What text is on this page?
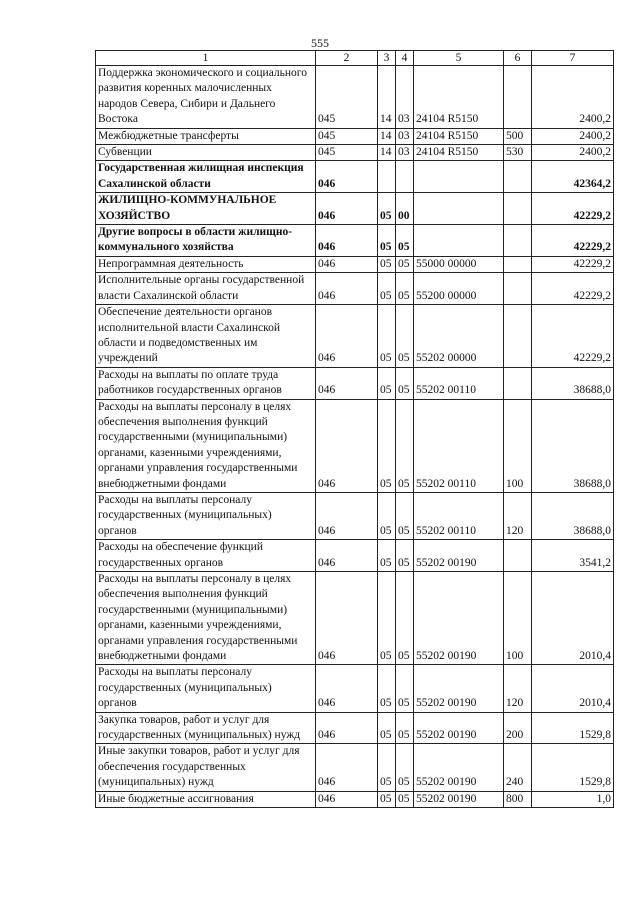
555
1	2	3	4	5	6	7
Поддержка экономического и социального развития коренных малочисленных народов Севера, Сибири и Дальнего Востока	045	14	03	24104 R5150		2400,2
Межбюджетные трансферты	045	14	03	24104 R5150	500	2400,2
Субвенции	045	14	03	24104 R5150	530	2400,2
Государственная жилищная инспекция Сахалинской области	046					42364,2
ЖИЛИЩНО-КОММУНАЛЬНОЕ ХОЗЯЙСТВО	046	05	00			42229,2
Другие вопросы в области жилищно-коммунального хозяйства	046	05	05			42229,2
Непрограммная деятельность	046	05	05	55000 00000		42229,2
Исполнительные органы государственной власти Сахалинской области	046	05	05	55200 00000		42229,2
Обеспечение деятельности органов исполнительной власти Сахалинской области и подведомственных им учреждений	046	05	05	55202 00000		42229,2
Расходы на выплаты по оплате труда работников государственных органов	046	05	05	55202 00110		38688,0
Расходы на выплаты персоналу в целях обеспечения выполнения функций государственными (муниципальными) органами, казенными учреждениями, органами управления государственными внебюджетными фондами	046	05	05	55202 00110	100	38688,0
Расходы на выплаты персоналу государственных (муниципальных) органов	046	05	05	55202 00110	120	38688,0
Расходы на обеспечение функций государственных органов	046	05	05	55202 00190		3541,2
Расходы на выплаты персоналу в целях обеспечения выполнения функций государственными (муниципальными) органами, казенными учреждениями, органами управления государственными внебюджетными фондами	046	05	05	55202 00190	100	2010,4
Расходы на выплаты персоналу государственных (муниципальных) органов	046	05	05	55202 00190	120	2010,4
Закупка товаров, работ и услуг для государственных (муниципальных) нужд	046	05	05	55202 00190	200	1529,8
Иные закупки товаров, работ и услуг для обеспечения государственных (муниципальных) нужд	046	05	05	55202 00190	240	1529,8
Иные бюджетные ассигнования	046	05	05	55202 00190	800	1,0
